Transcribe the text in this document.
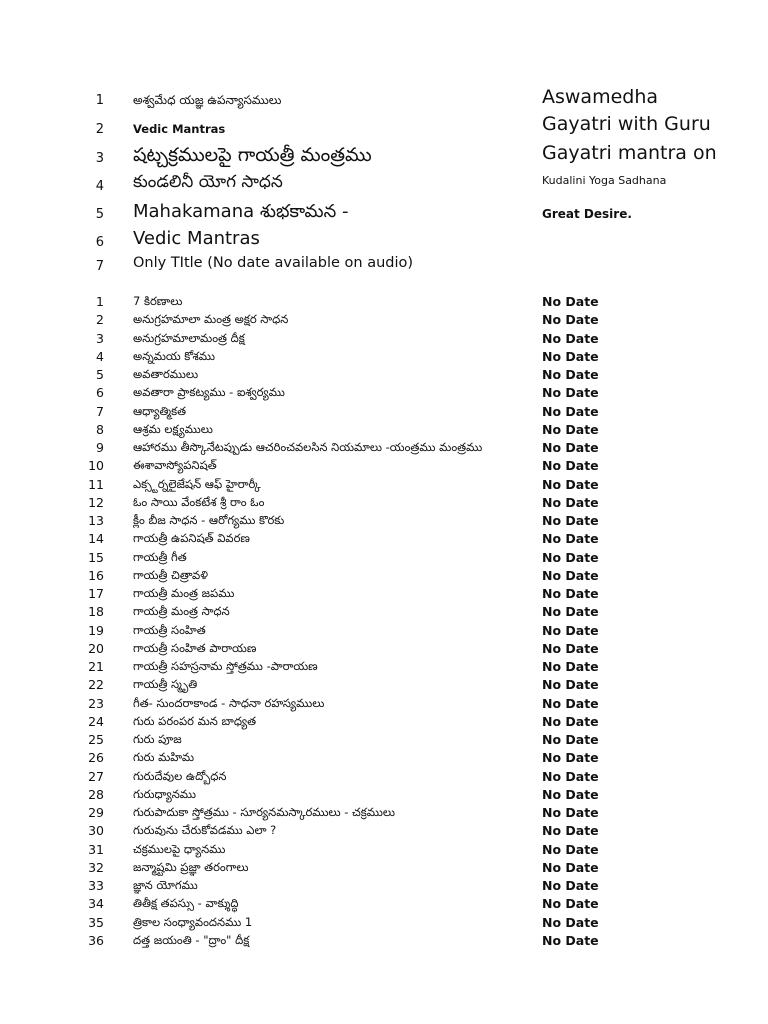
1 అశ్వమేధ యజ్ఞ ఉపన్యాసములు	Aswamedha
2	Vedic Mantras	Gayatri with Guru
3 షట్చక్రములపై గాయత్రీ మంత్రము	Gayatri mantra on
4 కుండలినీ యోగ సాధన	Kudalini Yoga Sadhana
5 Mahakamana శుభకామన -	Great Desire.
6 Vedic Mantras
7 Only TItle (No date available on audio)
1	7 కిరణాలు	No Date
2	అనుగ్రహమాలా మంత్ర అక్షర సాధన	No Date
3	అనుగ్రహమాలామంత్ర దీక్ష	No Date
4	అన్నమయ కోశము	No Date
5	అవతారములు	No Date
6	అవతారా ప్రాకట్యము - ఐశ్వర్యము	No Date
7	ఆధ్యాత్మికత	No Date
8	ఆశ్రమ లక్ష్యములు	No Date
9	ఆహారము తీస్కొనేటప్పుడు ఆచరించవలసిన నియమాలు -యంత్రము మంత్రము	No Date
10	ఈశావాస్యోపనిషత్	No Date
11	ఎక్స్టర్నలైజేషన్ ఆఫ్ హైరార్కీ	No Date
12	ఓం సాయి వేంకటేశ శ్రీ రాం ఓం	No Date
13	క్లీం బీజ సాధన - ఆరోగ్యము కొరకు	No Date
14	గాయత్రీ ఉపనిషత్ వివరణ	No Date
15	గాయత్రీ గీత	No Date
16	గాయత్రీ చిత్రావళి	No Date
17	గాయత్రీ మంత్ర జపము	No Date
18	గాయత్రీ మంత్ర సాధన	No Date
19	గాయత్రీ సంహిత	No Date
20	గాయత్రీ సంహిత పారాయణ	No Date
21	గాయత్రీ సహస్రనామ స్తోత్రము -పారాయణ	No Date
22	గాయత్రీ స్మృతి	No Date
23	గీత- సుందరాకాండ - సాధనా రహస్యములు	No Date
24	గురు పరంపర మన బాధ్యత	No Date
25	గురు పూజ	No Date
26	గురు మహిమ	No Date
27	గురుదేవుల ఉద్బోధన	No Date
28	గురుధ్యానము	No Date
29	గురుపాదుకా స్తోత్రము - సూర్యనమస్కారములు - చక్రములు	No Date
30	గురువును చేరుకోవడము ఎలా ?	No Date
31	చక్రములపై ధ్యానము	No Date
32	జన్మాష్టమి ప్రజ్ఞా తరంగాలు	No Date
33	జ్ఞాన యోగము	No Date
34	తితీక్ష తపస్సు - వాక్శుద్ధి	No Date
35	త్రికాల సంధ్యావందనము 1	No Date
36	దత్త జయంతి - "ద్రాం" దీక్ష	No Date
